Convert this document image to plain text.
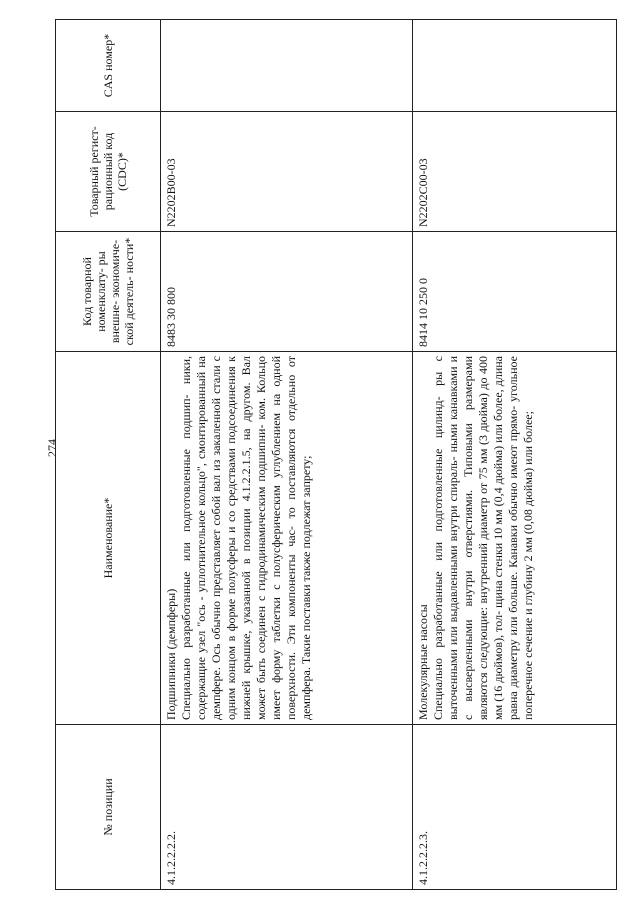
274
№ позиции	Наименование*	Код товарной номенклату- ры внешне- экономиче- ской деятель- ности*	Товарный регист- рационный код (CDC)*	CAS номер*

4.1.2.2.2.2.	Подшипники (демпферы) Специально разработанные или подготовленные подшип- ники, содержащие узел "ось - уплотнительное кольцо", смонтированный на демпфере. Ось обычно представляет собой вал из закаленной стали с одним концом в форме полусферы и со средствами подсоединения к нижней крышке, указанной в позиции 4.1.2.2.1.5, на другом. Вал может быть соединен с гидродинамическим подшипни- ком. Кольцо имеет форму таблетки с полусферическим углублением на одной поверхности. Эти компоненты час- то поставляются отдельно от демпфера. Такие поставки также подлежат запрету;	8483 30 800	N2202B00-03	
4.1.2.2.2.3.	Молекулярные насосы Специально разработанные или подготовленные цилинд- ры с выточенными или выдавленными внутри спираль- ными канавками и с высверленными внутри отверстиями. Типовыми размерами являются следующие: внутренний диаметр от 75 мм (3 дюйма) до 400 мм (16 дюймов), тол- щина стенки 10 мм (0,4 дюйма) или более, длина равна диаметру или больше. Канавки обычно имеют прямо- угольное поперечное сечение и глубину 2 мм (0,08 дюйма) или более;	8414 10 250 0	N2202C00-03	
